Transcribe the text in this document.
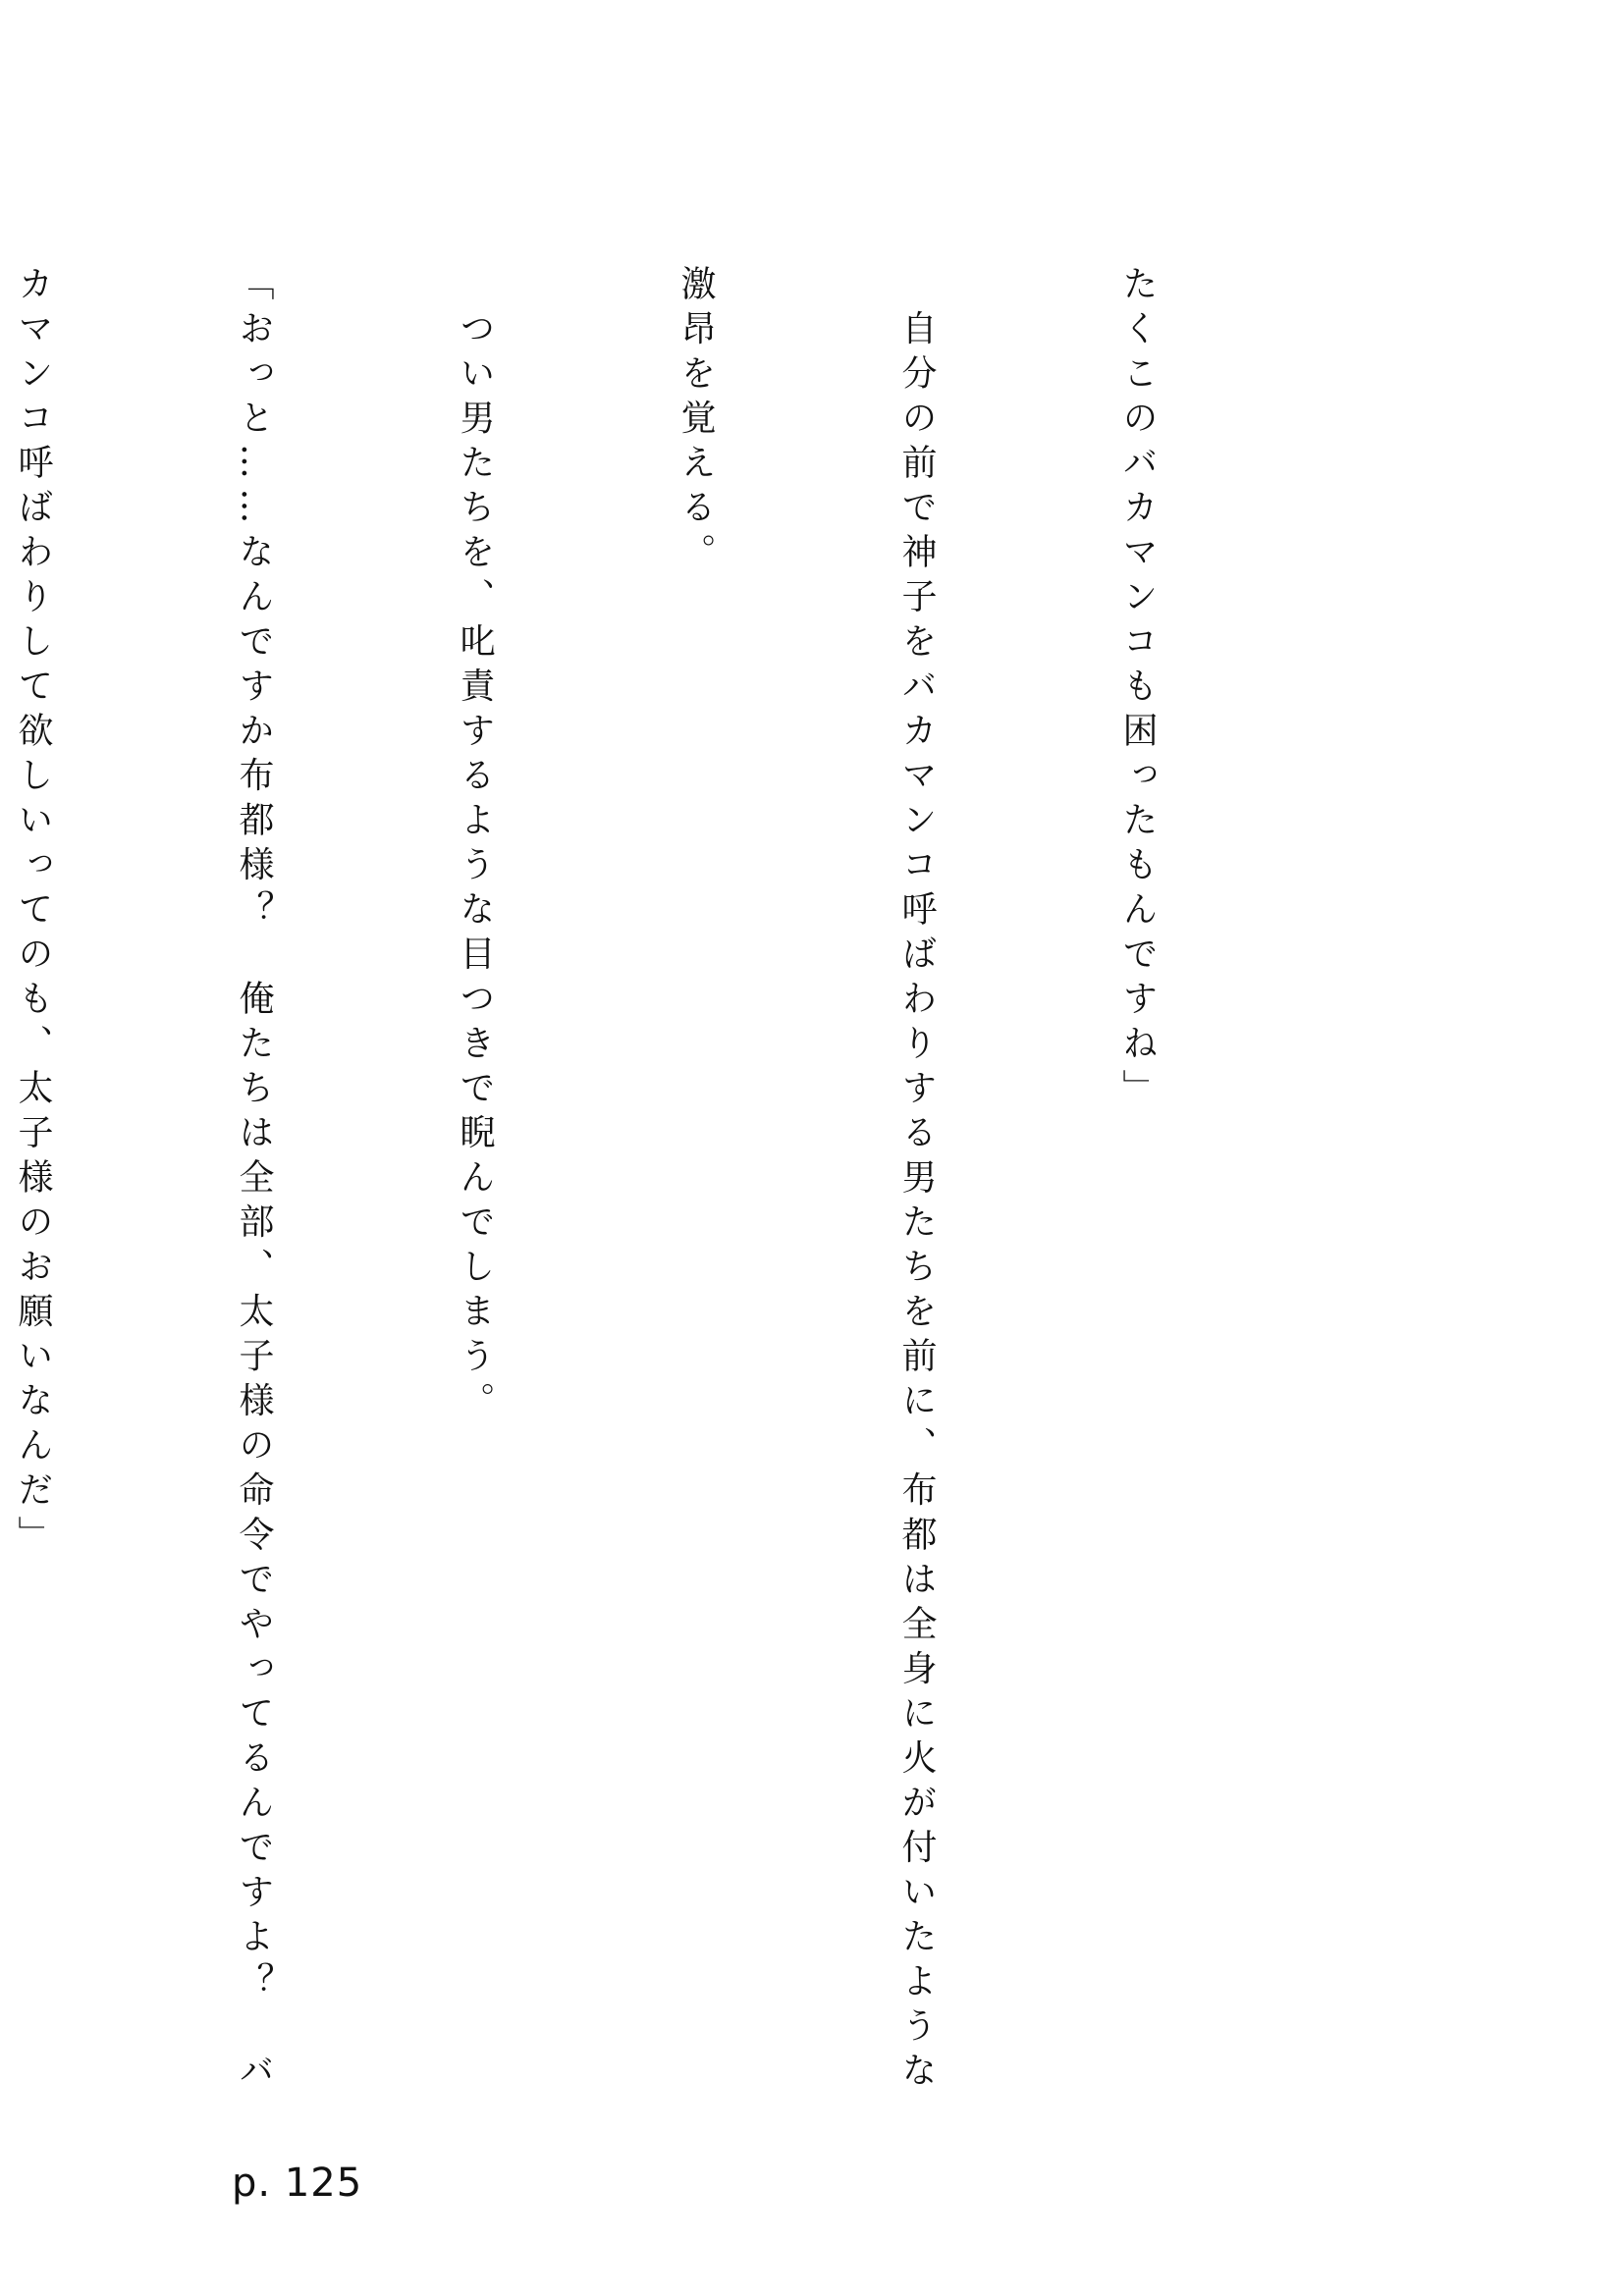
たくこのバカマンコも困ったもんですね」

　自分の前で神子をバカマンコ呼ばわりする男たちを前に、布都は全身に火が付いたような

激昂を覚える。

　つい男たちを、叱責するような目つきで睨んでしまう。

「おっと……なんですか布都様？　俺たちは全部、太子様の命令でやってるんですよ？　バ

カマンコ呼ばわりして欲しいってのも、太子様のお願いなんだ」

p. 125
